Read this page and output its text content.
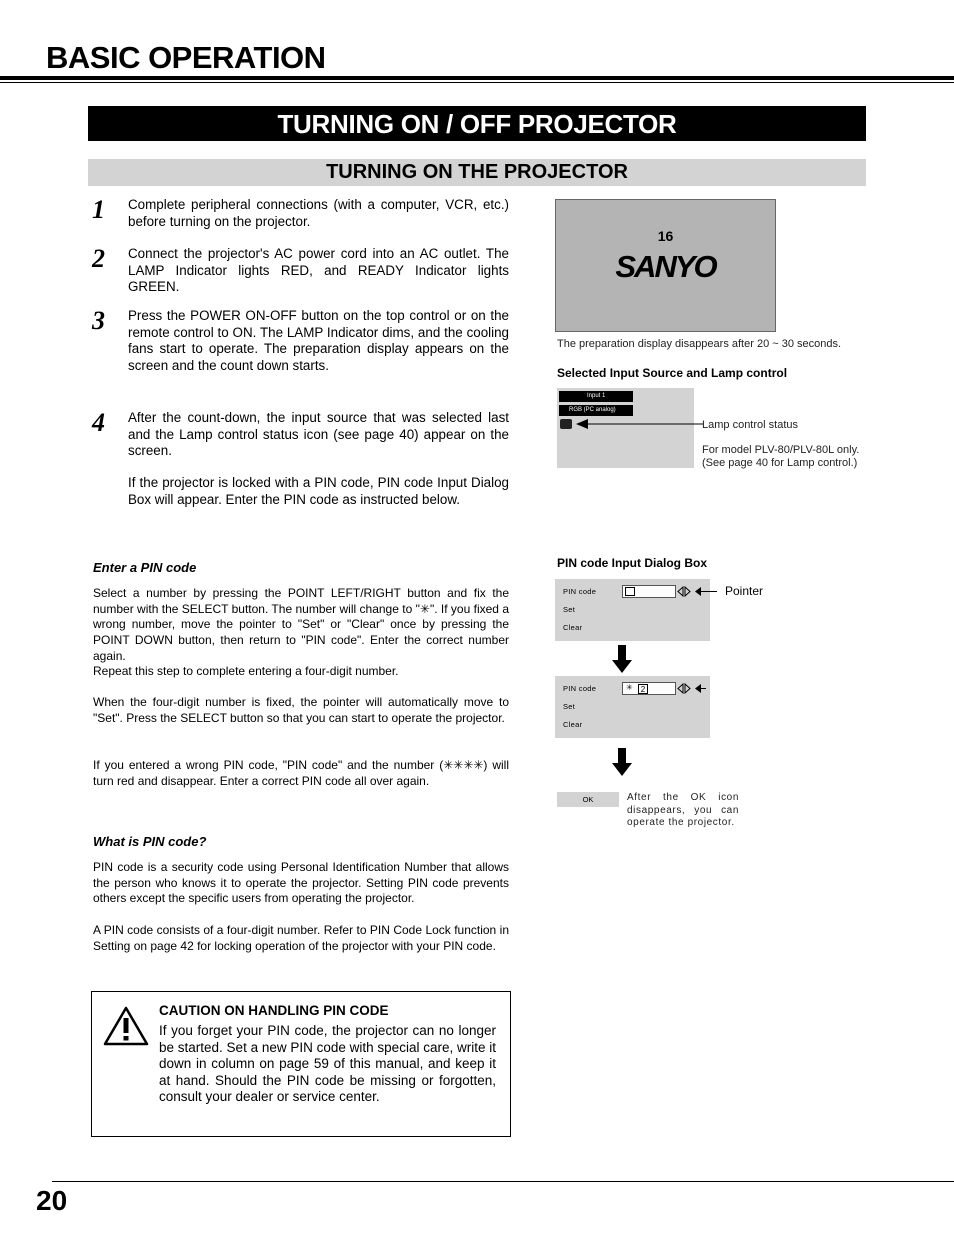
BASIC OPERATION
TURNING ON / OFF PROJECTOR
TURNING ON THE PROJECTOR
1 Complete peripheral connections (with a computer, VCR, etc.) before turning on the projector.
2 Connect the projector's AC power cord into an AC outlet. The LAMP Indicator lights RED, and READY Indicator lights GREEN.
3 Press the POWER ON-OFF button on the top control or on the remote control to ON. The LAMP Indicator dims, and the cooling fans start to operate. The preparation display appears on the screen and the count down starts.
4 After the count-down, the input source that was selected last and the Lamp control status icon (see page 40) appear on the screen.
If the projector is locked with a PIN code, PIN code Input Dialog Box will appear. Enter the PIN code as instructed below.
Enter a PIN code
Select a number by pressing the POINT LEFT/RIGHT button and fix the number with the SELECT button. The number will change to "✳". If you fixed a wrong number, move the pointer to "Set" or "Clear" once by pressing the POINT DOWN button, then return to "PIN code". Enter the correct number again.
Repeat this step to complete entering a four-digit number.
When the four-digit number is fixed, the pointer will automatically move to "Set". Press the SELECT button so that you can start to operate the projector.
If you entered a wrong PIN code, "PIN code" and the number (✳✳✳✳) will turn red and disappear. Enter a correct PIN code all over again.
What is PIN code?
PIN code is a security code using Personal Identification Number that allows the person who knows it to operate the projector. Setting PIN code prevents others except the specific users from operating the projector.
A PIN code consists of a four-digit number. Refer to PIN Code Lock function in Setting on page 42 for locking operation of the projector with your PIN code.
CAUTION ON HANDLING PIN CODE
If you forget your PIN code, the projector can no longer be started. Set a new PIN code with special care, write it down in column on page 59 of this manual, and keep it at hand. Should the PIN code be missing or forgotten, consult your dealer or service center.
16
SANYO
The preparation display disappears after 20 ~ 30 seconds.
Selected Input Source and Lamp control
Input 1
RGB (PC analog)
Lamp control status
For model PLV-80/PLV-80L only.
(See page 40 for Lamp control.)
PIN code Input Dialog Box
PIN code
Set
Clear
Pointer
PIN code
Set
Clear
✳	2
OK	After the OK icon disappears, you can operate the projector.
20
